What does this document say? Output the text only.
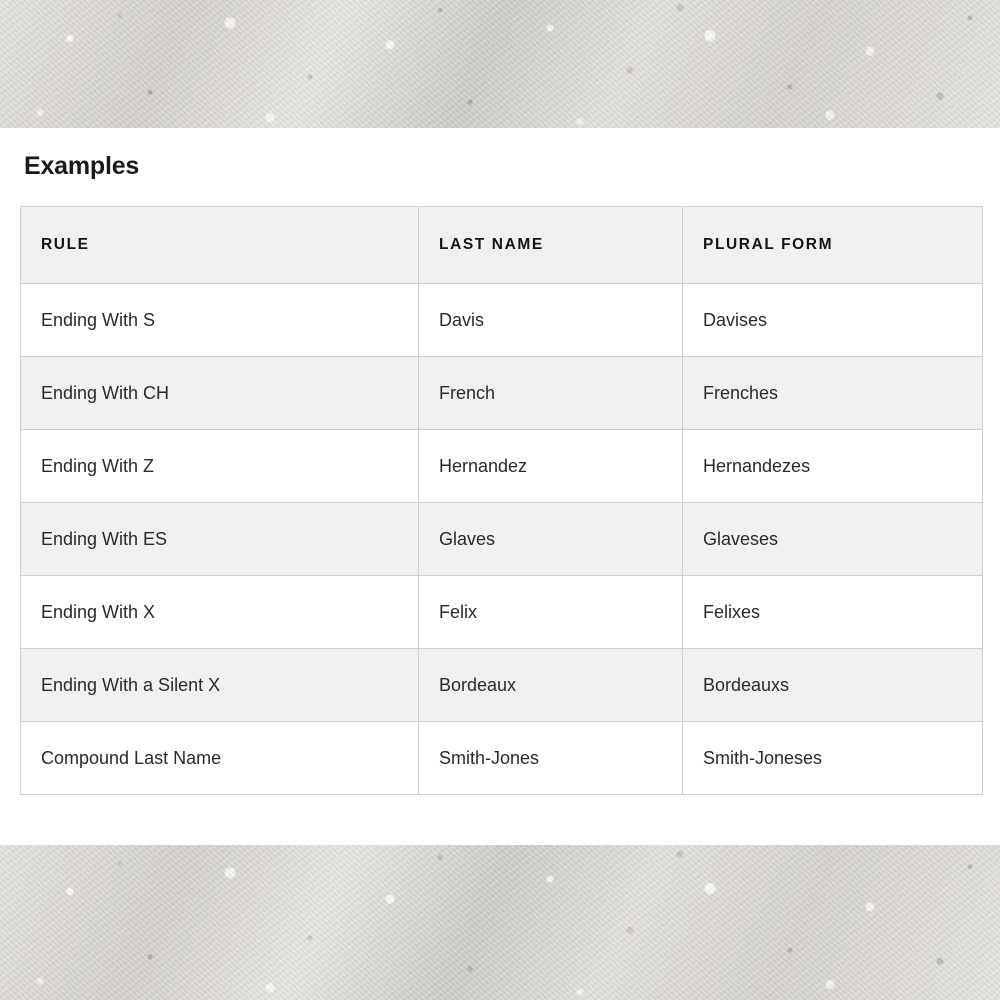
Examples
RULE	LAST NAME	PLURAL FORM
Ending With S	Davis	Davises
Ending With CH	French	Frenches
Ending With Z	Hernandez	Hernandezes
Ending With ES	Glaves	Glaveses
Ending With X	Felix	Felixes
Ending With a Silent X	Bordeaux	Bordeauxs
Compound Last Name	Smith-Jones	Smith-Joneses
